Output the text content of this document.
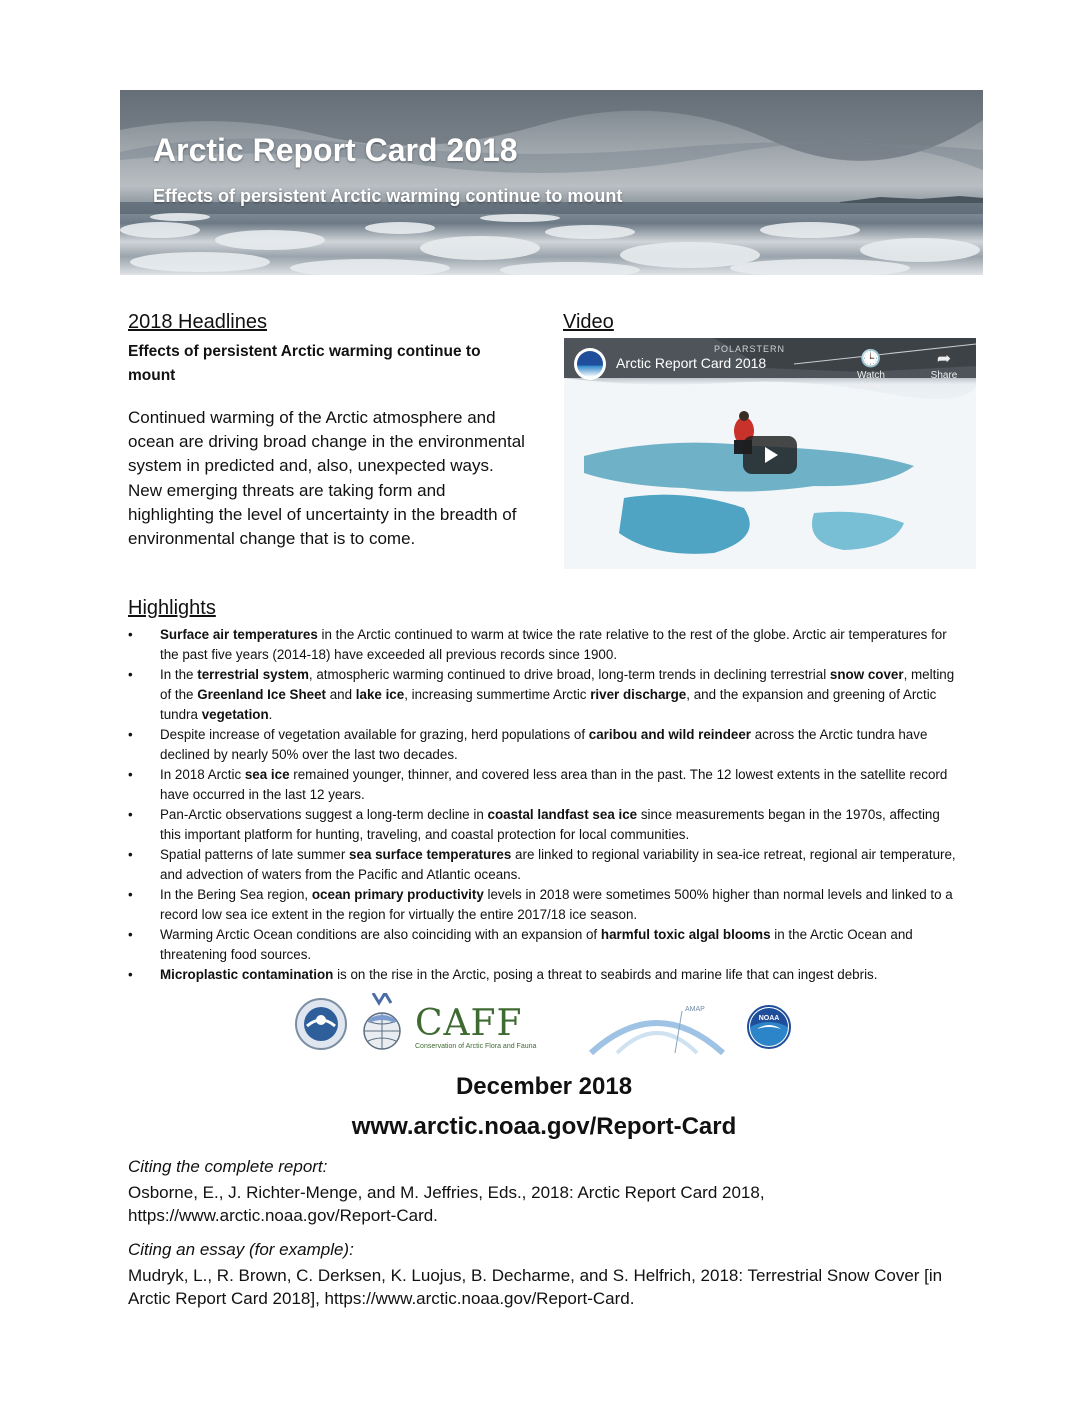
Arctic Report Card 2018
Effects of persistent Arctic warming continue to mount
2018 Headlines
Effects of persistent Arctic warming continue to mount
Continued warming of the Arctic atmosphere and ocean are driving broad change in the environmental system in predicted and, also, unexpected ways. New emerging threats are taking form and highlighting the level of uncertainty in the breadth of environmental change that is to come.
Video
Arctic Report Card 2018
POLARSTERN	🕒
Watch later
➦
Share
Highlights
• Surface air temperatures in the Arctic continued to warm at twice the rate relative to the rest of the globe. Arctic air temperatures for the past five years (2014-18) have exceeded all previous records since 1900.
• In the terrestrial system, atmospheric warming continued to drive broad, long-term trends in declining terrestrial snow cover, melting of the Greenland Ice Sheet and lake ice, increasing summertime Arctic river discharge, and the expansion and greening of Arctic tundra vegetation.
• Despite increase of vegetation available for grazing, herd populations of caribou and wild reindeer across the Arctic tundra have declined by nearly 50% over the last two decades.
• In 2018 Arctic sea ice remained younger, thinner, and covered less area than in the past. The 12 lowest extents in the satellite record have occurred in the last 12 years.
• Pan-Arctic observations suggest a long-term decline in coastal landfast sea ice since measurements began in the 1970s, affecting this important platform for hunting, traveling, and coastal protection for local communities.
• Spatial patterns of late summer sea surface temperatures are linked to regional variability in sea-ice retreat, regional air temperature, and advection of waters from the Pacific and Atlantic oceans.
• In the Bering Sea region, ocean primary productivity levels in 2018 were sometimes 500% higher than normal levels and linked to a record low sea ice extent in the region for virtually the entire 2017/18 ice season.
• Warming Arctic Ocean conditions are also coinciding with an expansion of harmful toxic algal blooms in the Arctic Ocean and threatening food sources.
• Microplastic contamination is on the rise in the Arctic, posing a threat to seabirds and marine life that can ingest debris.
CAFF
Conservation of Arctic Flora and Fauna
AMAP
NOAA
December 2018
www.arctic.noaa.gov/Report-Card
Citing the complete report:
Osborne, E., J. Richter-Menge, and M. Jeffries, Eds., 2018: Arctic Report Card 2018, https://www.arctic.noaa.gov/Report-Card.
Citing an essay (for example):
Mudryk, L., R. Brown, C. Derksen, K. Luojus, B. Decharme, and S. Helfrich, 2018: Terrestrial Snow Cover [in Arctic Report Card 2018], https://www.arctic.noaa.gov/Report-Card.
